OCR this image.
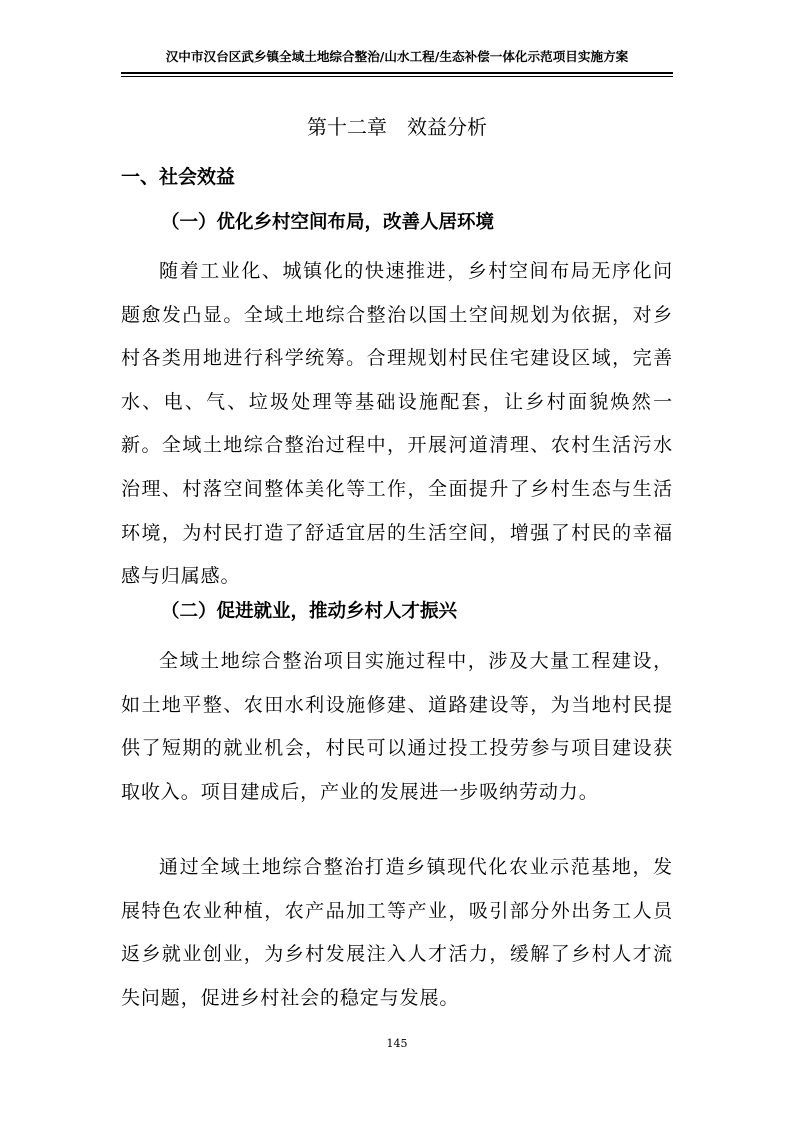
汉中市汉台区武乡镇全域土地综合整治/山水工程/生态补偿一体化示范项目实施方案
第十二章　效益分析
一、社会效益
（一）优化乡村空间布局，改善人居环境

随着工业化、城镇化的快速推进，乡村空间布局无序化问题愈发凸显。全域土地综合整治以国土空间规划为依据，对乡村各类用地进行科学统筹。合理规划村民住宅建设区域，完善水、电、气、垃圾处理等基础设施配套，让乡村面貌焕然一新。全域土地综合整治过程中，开展河道清理、农村生活污水治理、村落空间整体美化等工作，全面提升了乡村生态与生活环境，为村民打造了舒适宜居的生活空间，增强了村民的幸福感与归属感。

（二）促进就业，推动乡村人才振兴

全域土地综合整治项目实施过程中，涉及大量工程建设，如土地平整、农田水利设施修建、道路建设等，为当地村民提供了短期的就业机会，村民可以通过投工投劳参与项目建设获取收入。项目建成后，产业的发展进一步吸纳劳动力。

通过全域土地综合整治打造乡镇现代化农业示范基地，发展特色农业种植，农产品加工等产业，吸引部分外出务工人员返乡就业创业，为乡村发展注入人才活力，缓解了乡村人才流失问题，促进乡村社会的稳定与发展。

145
